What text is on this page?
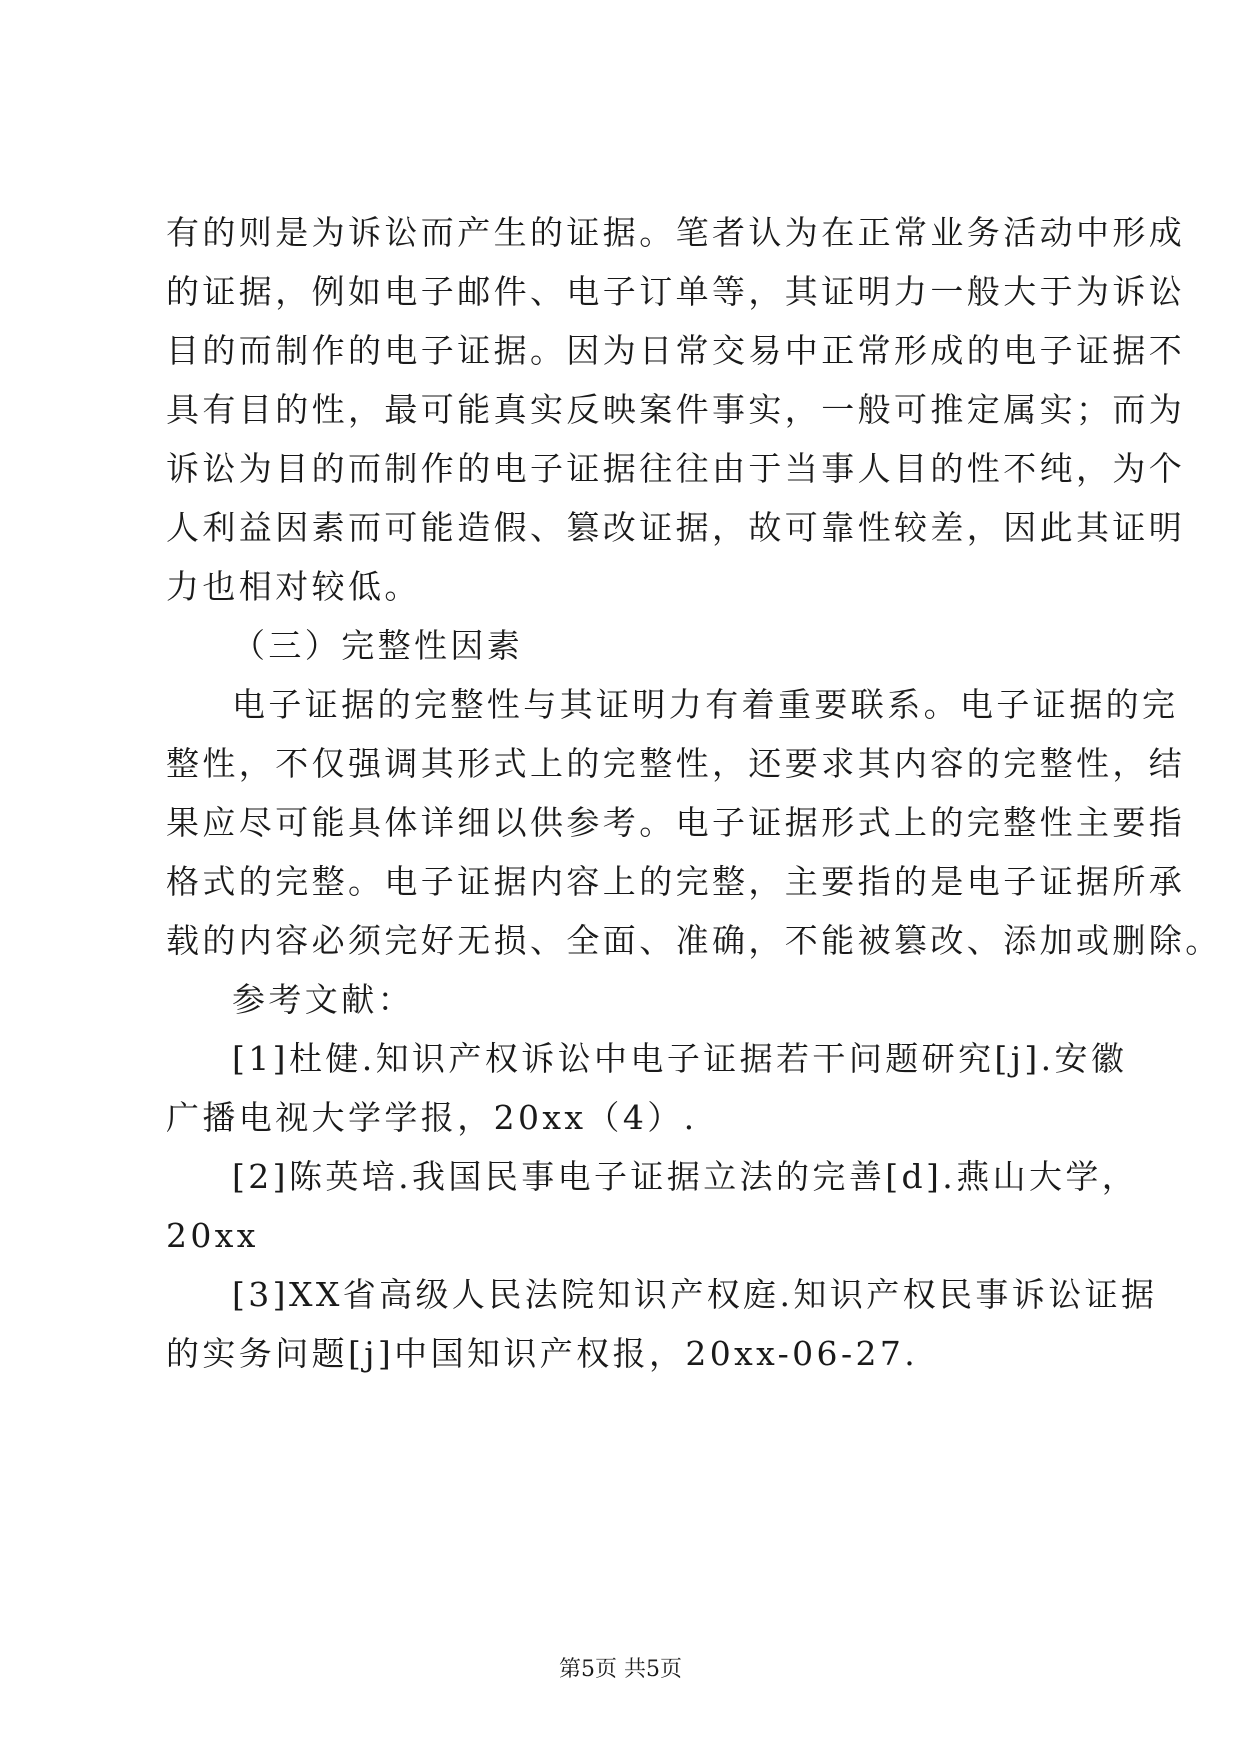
有的则是为诉讼而产生的证据。笔者认为在正常业务活动中形成
的证据，例如电子邮件、电子订单等，其证明力一般大于为诉讼
目的而制作的电子证据。因为日常交易中正常形成的电子证据不
具有目的性，最可能真实反映案件事实，一般可推定属实；而为
诉讼为目的而制作的电子证据往往由于当事人目的性不纯，为个
人利益因素而可能造假、篡改证据，故可靠性较差，因此其证明
力也相对较低。
（三）完整性因素
电子证据的完整性与其证明力有着重要联系。电子证据的完
整性，不仅强调其形式上的完整性，还要求其内容的完整性，结
果应尽可能具体详细以供参考。电子证据形式上的完整性主要指
格式的完整。电子证据内容上的完整，主要指的是电子证据所承
载的内容必须完好无损、全面、准确，不能被篡改、添加或删除。
参考文献：
[1]杜健.知识产权诉讼中电子证据若干问题研究[j].安徽
广播电视大学学报，20xx（4）.
[2]陈英培.我国民事电子证据立法的完善[d].燕山大学，
20xx
[3]XX省高级人民法院知识产权庭.知识产权民事诉讼证据
的实务问题[j]中国知识产权报，20xx-06-27.
第5页 共5页
